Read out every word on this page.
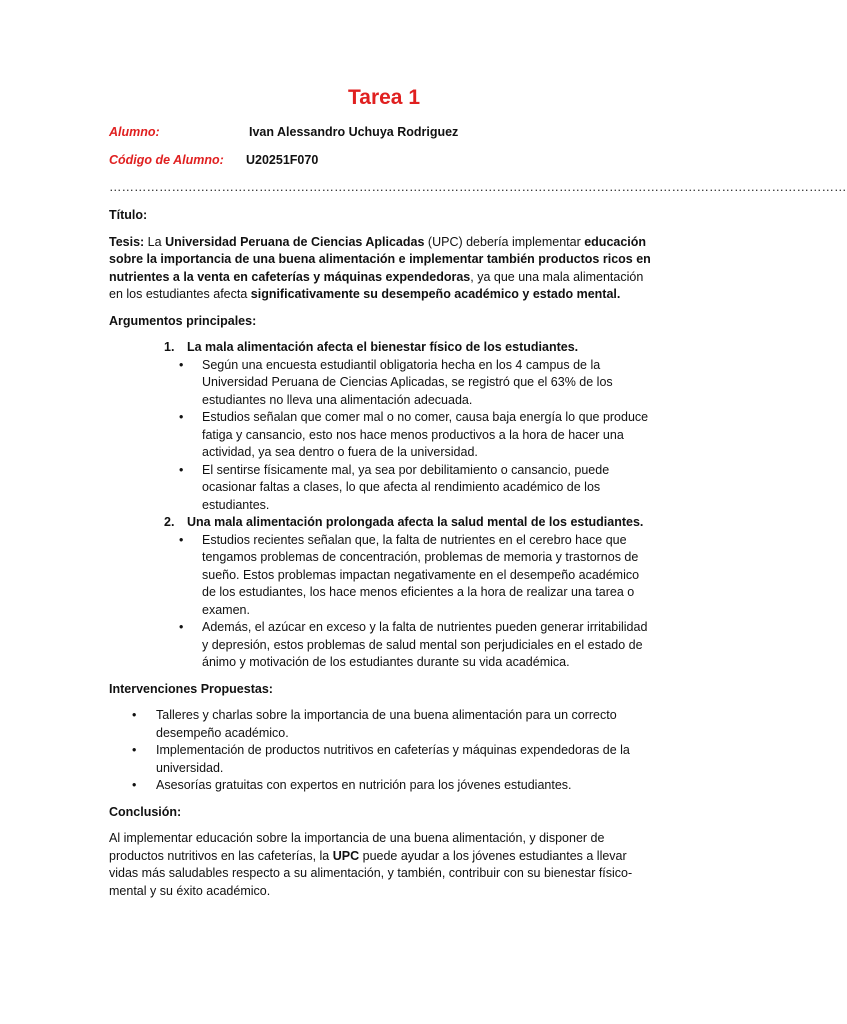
Tarea 1
Alumno:	Ivan Alessandro Uchuya Rodriguez
Código de Alumno: U20251F070
……………………………………………………………………………………………………………………………………………………………

Título:

Tesis: La Universidad Peruana de Ciencias Aplicadas (UPC) debería implementar educación sobre la importancia de una buena alimentación e implementar también productos ricos en nutrientes a la venta en cafeterías y máquinas expendedoras, ya que una mala alimentación en los estudiantes afecta significativamente su desempeño académico y estado mental.

Argumentos principales:

1. La mala alimentación afecta el bienestar físico de los estudiantes.
• Según una encuesta estudiantil obligatoria hecha en los 4 campus de la Universidad Peruana de Ciencias Aplicadas, se registró que el 63% de los estudiantes no lleva una alimentación adecuada.
• Estudios señalan que comer mal o no comer, causa baja energía lo que produce fatiga y cansancio, esto nos hace menos productivos a la hora de hacer una actividad, ya sea dentro o fuera de la universidad.
• El sentirse físicamente mal, ya sea por debilitamiento o cansancio, puede ocasionar faltas a clases, lo que afecta al rendimiento académico de los estudiantes.
2. Una mala alimentación prolongada afecta la salud mental de los estudiantes.
• Estudios recientes señalan que, la falta de nutrientes en el cerebro hace que tengamos problemas de concentración, problemas de memoria y trastornos de sueño. Estos problemas impactan negativamente en el desempeño académico de los estudiantes, los hace menos eficientes a la hora de realizar una tarea o examen.
• Además, el azúcar en exceso y la falta de nutrientes pueden generar irritabilidad y depresión, estos problemas de salud mental son perjudiciales en el estado de ánimo y motivación de los estudiantes durante su vida académica.

Intervenciones Propuestas:

• Talleres y charlas sobre la importancia de una buena alimentación para un correcto desempeño académico.
• Implementación de productos nutritivos en cafeterías y máquinas expendedoras de la universidad.
• Asesorías gratuitas con expertos en nutrición para los jóvenes estudiantes.

Conclusión:

Al implementar educación sobre la importancia de una buena alimentación, y disponer de productos nutritivos en las cafeterías, la UPC puede ayudar a los jóvenes estudiantes a llevar vidas más saludables respecto a su alimentación, y también, contribuir con su bienestar físico-mental y su éxito académico.
